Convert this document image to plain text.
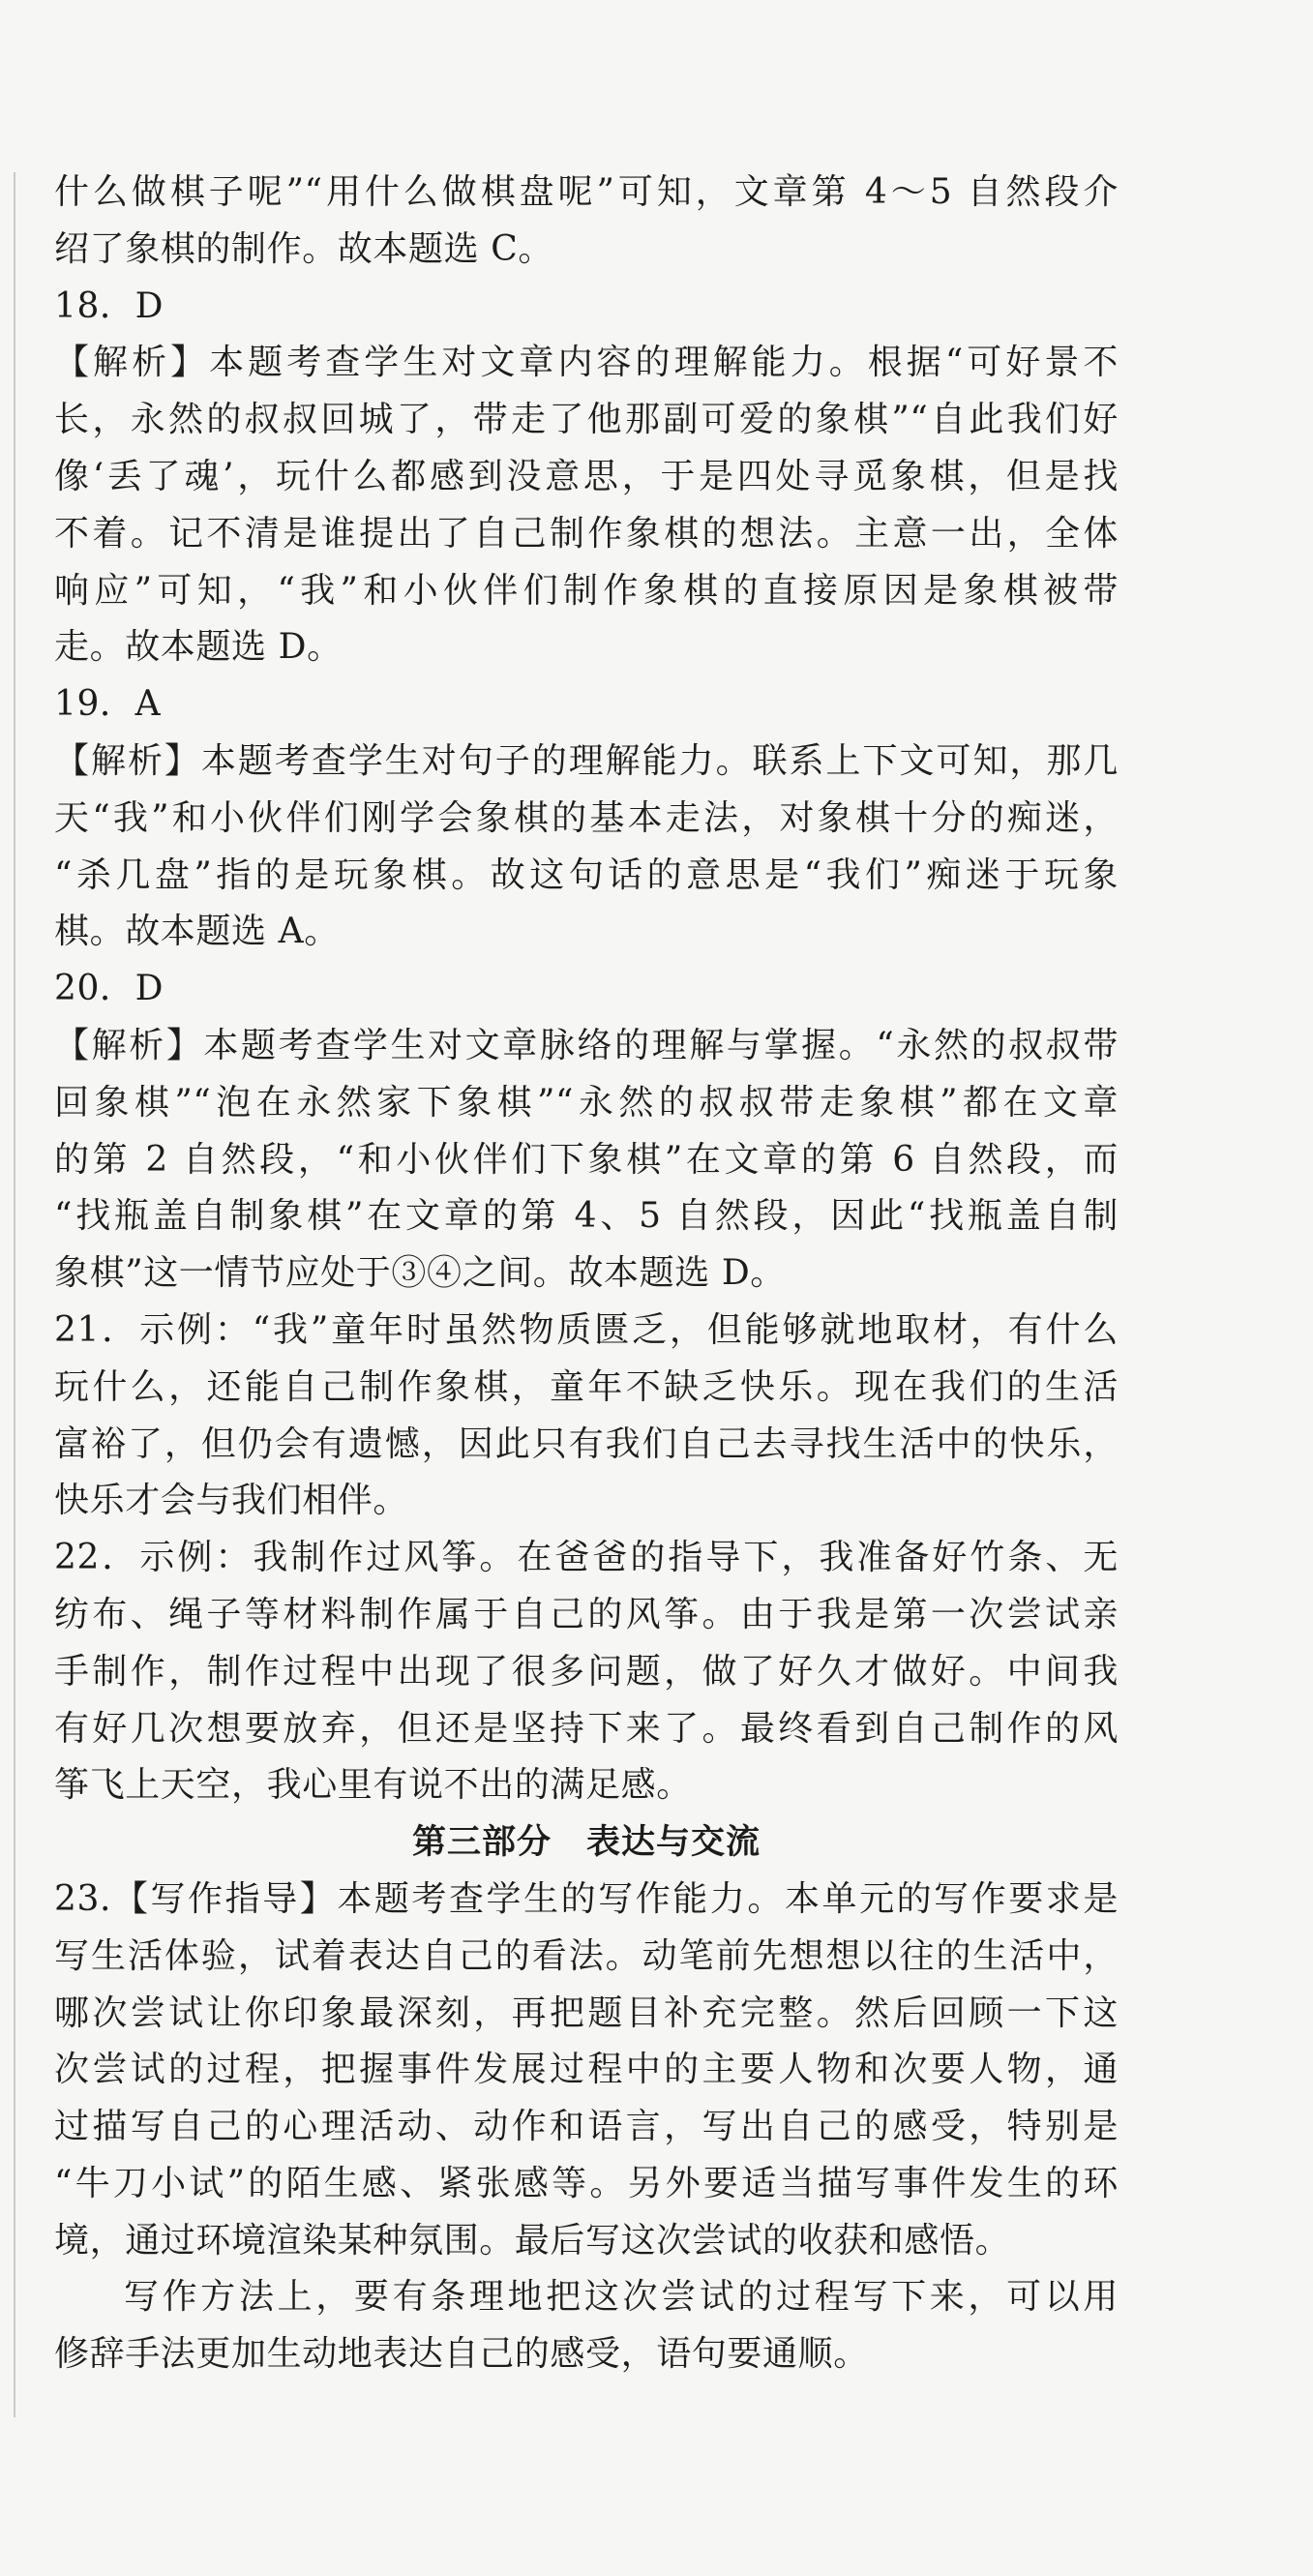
什么做棋子呢”“用什么做棋盘呢”可知，文章第 4～5 自然段介
绍了象棋的制作。故本题选 C。
18．D
【解析】本题考查学生对文章内容的理解能力。根据“可好景不
长，永然的叔叔回城了，带走了他那副可爱的象棋”“自此我们好
像‘丢了魂’，玩什么都感到没意思，于是四处寻觅象棋，但是找
不着。记不清是谁提出了自己制作象棋的想法。主意一出，全体
响应”可知，“我”和小伙伴们制作象棋的直接原因是象棋被带
走。故本题选 D。
19．A
【解析】本题考查学生对句子的理解能力。联系上下文可知，那几
天“我”和小伙伴们刚学会象棋的基本走法，对象棋十分的痴迷，
“杀几盘”指的是玩象棋。故这句话的意思是“我们”痴迷于玩象
棋。故本题选 A。
20．D
【解析】本题考查学生对文章脉络的理解与掌握。“永然的叔叔带
回象棋”“泡在永然家下象棋”“永然的叔叔带走象棋”都在文章
的第 2 自然段，“和小伙伴们下象棋”在文章的第 6 自然段，而
“找瓶盖自制象棋”在文章的第 4、5 自然段，因此“找瓶盖自制
象棋”这一情节应处于③④之间。故本题选 D。
21．示例：“我”童年时虽然物质匮乏，但能够就地取材，有什么
玩什么，还能自己制作象棋，童年不缺乏快乐。现在我们的生活
富裕了，但仍会有遗憾，因此只有我们自己去寻找生活中的快乐，
快乐才会与我们相伴。
22．示例：我制作过风筝。在爸爸的指导下，我准备好竹条、无
纺布、绳子等材料制作属于自己的风筝。由于我是第一次尝试亲
手制作，制作过程中出现了很多问题，做了好久才做好。中间我
有好几次想要放弃，但还是坚持下来了。最终看到自己制作的风
筝飞上天空，我心里有说不出的满足感。
第三部分 表达与交流
23.【写作指导】本题考查学生的写作能力。本单元的写作要求是
写生活体验，试着表达自己的看法。动笔前先想想以往的生活中，
哪次尝试让你印象最深刻，再把题目补充完整。然后回顾一下这
次尝试的过程，把握事件发展过程中的主要人物和次要人物，通
过描写自己的心理活动、动作和语言，写出自己的感受，特别是
“牛刀小试”的陌生感、紧张感等。另外要适当描写事件发生的环
境，通过环境渲染某种氛围。最后写这次尝试的收获和感悟。
写作方法上，要有条理地把这次尝试的过程写下来，可以用
修辞手法更加生动地表达自己的感受，语句要通顺。
